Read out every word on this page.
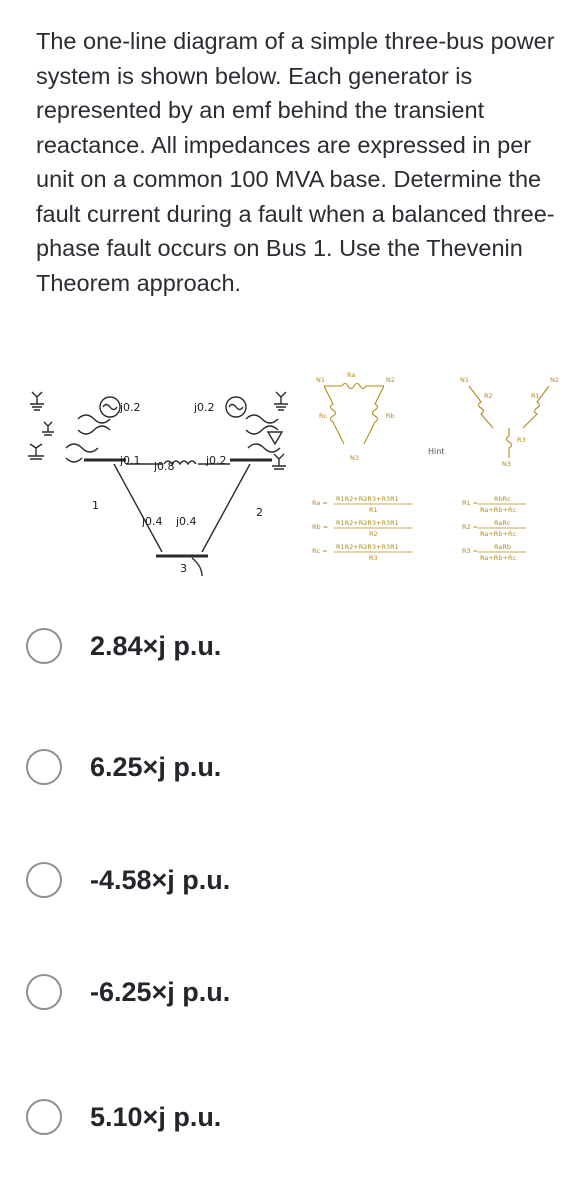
The one-line diagram of a simple three-bus power system is shown below. Each generator is represented by an emf behind the transient reactance. All impedances are expressed in per unit on a common 100 MVA base. Determine the fault current during a fault when a balanced three-phase fault occurs on Bus 1. Use the Thevenin Theorem approach.
j0.2	j0.2
j0.1	j0.2
j0.8
j0.4 j0.4
1
2
3
N1	N2
N3
Ra
Rc	Rb
N1	N2
N3
R2	R1
R3
Hint
Ra = R1R2+R2R3+R3R1
R1
Rb = R1R2+R2R3+R3R1
R2
Rc = R1R2+R2R3+R3R1
R3
R1 = RbRc
Ra+Rb+Rc
R2 = RaRc
Ra+Rb+Rc
R3 = RaRb
Ra+Rb+Rc
2.84×j p.u.
6.25×j p.u.
-4.58×j p.u.
-6.25×j p.u.
5.10×j p.u.
